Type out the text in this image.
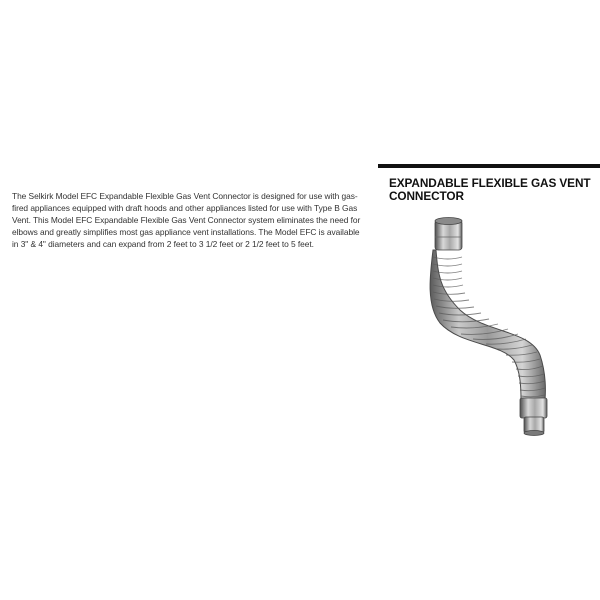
The Selkirk Model EFC Expandable Flexible Gas Vent Connector is designed for use with gas-fired appliances equipped with draft hoods and other appliances listed for use with Type B Gas Vent. This Model EFC Expandable Flexible Gas Vent Connector system eliminates the need for elbows and greatly simplifies most gas appliance vent installations. The Model EFC is available in 3" & 4" diameters and can expand from 2 feet to 3 1/2 feet or 2 1/2 feet to 5 feet.

EXPANDABLE FLEXIBLE GAS VENT CONNECTOR
